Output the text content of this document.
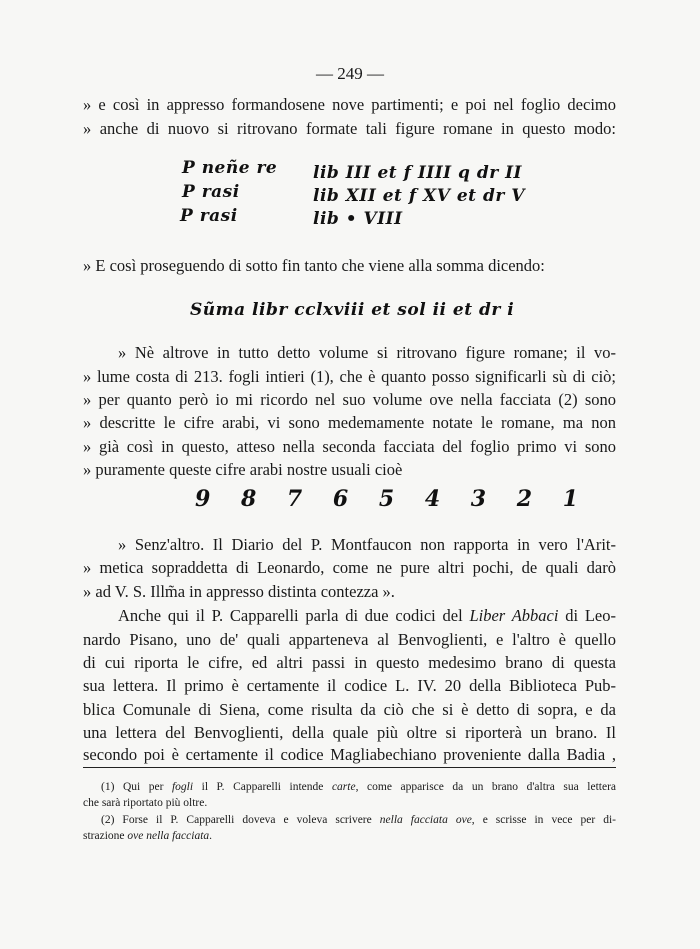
— 249 —
» e così in appresso formandosene nove partimenti; e poi nel foglio decimo
» anche di nuovo si ritrovano formate tali figure romane in questo modo:
P neñe re
P rasi
P rasi
lib III et f IIII q dr II
lib XII et f XV et dr V
lib • VIII
» E così proseguendo di sotto fin tanto che viene alla somma dicendo:
Sũma libr cclxviii et sol ii et dr i
» Nè altrove in tutto detto volume si ritrovano figure romane; il vo-
» lume costa di 213. fogli intieri (1), che è quanto posso significarli sù di ciò;
» per quanto però io mi ricordo nel suo volume ove nella facciata (2) sono
» descritte le cifre arabi, vi sono medemamente notate le romane, ma non
» già così in questo, atteso nella seconda facciata del foglio primo vi sono
» puramente queste cifre arabi nostre usuali cioè
9 8 7 6 5 4 3 2 1
» Senz'altro. Il Diario del P. Montfaucon non rapporta in vero l'Arit-
» metica sopraddetta di Leonardo, come ne pure altri pochi, de quali darò
» ad V. S. Illm̃a in appresso distinta contezza ».
Anche qui il P. Capparelli parla di due codici del Liber Abbaci di Leo-
nardo Pisano, uno de' quali apparteneva al Benvoglienti, e l'altro è quello
di cui riporta le cifre, ed altri passi in questo medesimo brano di questa
sua lettera. Il primo è certamente il codice L. IV. 20 della Biblioteca Pub-
blica Comunale di Siena, come risulta da ciò che si è detto di sopra, e da
una lettera del Benvoglienti, della quale più oltre si riporterà un brano. Il
secondo poi è certamente il codice Magliabechiano proveniente dalla Badia ,
(1) Qui per fogli il P. Capparelli intende carte, come apparisce da un brano d'altra sua lettera
che sarà riportato più oltre.
(2) Forse il P. Capparelli doveva e voleva scrivere nella facciata ove, e scrisse in vece per di-
strazione ove nella facciata.
